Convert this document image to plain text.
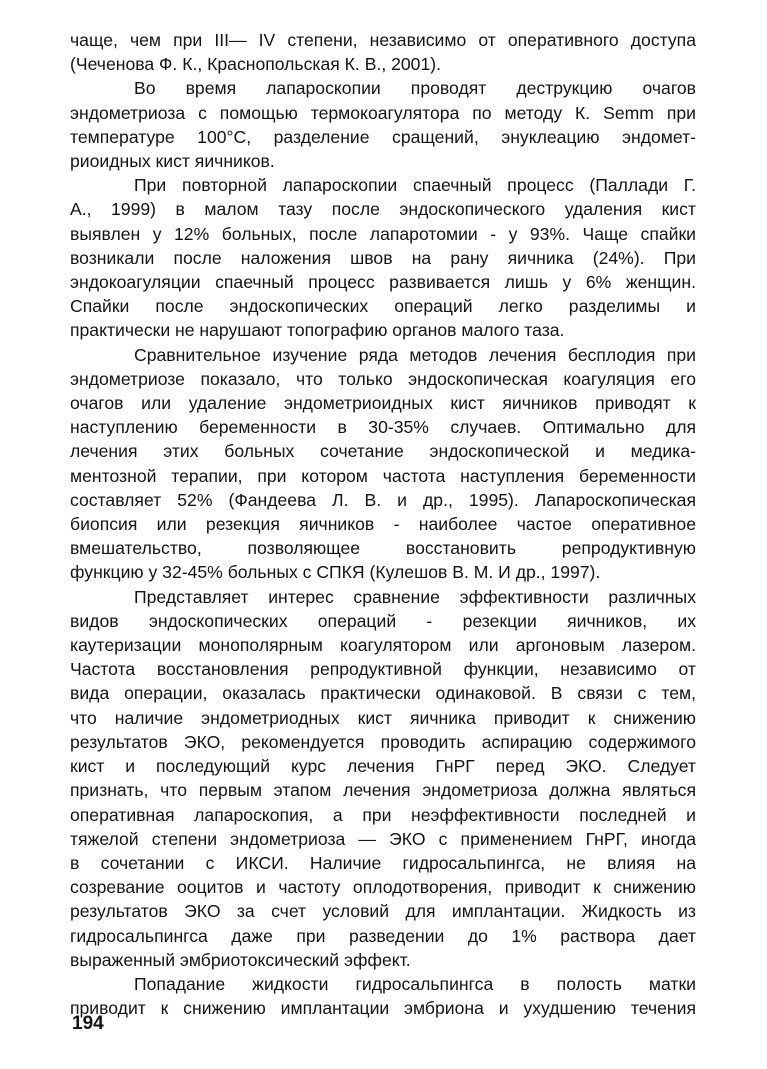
чаще, чем при III— IV степени, независимо от оперативного доступа
(Чеченова Ф. К., Краснопольская К. В., 2001).
Во время лапароскопии проводят деструкцию очагов
эндометриоза с помощью термокоагулятора по методу К. Semm при
температуре 100°С, разделение сращений, энуклеацию эндомет-
риоидных кист яичников.
При повторной лапароскопии спаечный процесс (Паллади Г.
А., 1999) в малом тазу после эндоскопического удаления кист
выявлен у 12% больных, после лапаротомии - у 93%. Чаще спайки
возникали после наложения швов на рану яичника (24%). При
эндокоагуляции спаечный процесс развивается лишь у 6% женщин.
Спайки после эндоскопических операций легко разделимы и
практически не нарушают топографию органов малого таза.
Сравнительное изучение ряда методов лечения бесплодия при
эндометриозе показало, что только эндоскопическая коагуляция его
очагов или удаление эндометриоидных кист яичников приводят к
наступлению беременности в 30-35% случаев. Оптимально для
лечения этих больных сочетание эндоскопической и медика-
ментозной терапии, при котором частота наступления беременности
составляет 52% (Фандеева Л. В. и др., 1995). Лапароскопическая
биопсия или резекция яичников - наиболее частое оперативное
вмешательство, позволяющее восстановить репродуктивную
функцию у 32-45% больных с СПКЯ (Кулешов В. М. И др., 1997).
Представляет интерес сравнение эффективности различных
видов эндоскопических операций - резекции яичников, их
каутеризации монополярным коагулятором или аргоновым лазером.
Частота восстановления репродуктивной функции, независимо от
вида операции, оказалась практически одинаковой. В связи с тем,
что наличие эндометриодных кист яичника приводит к снижению
результатов ЭКО, рекомендуется проводить аспирацию содержимого
кист и последующий курс лечения ГнРГ перед ЭКО. Следует
признать, что первым этапом лечения эндометриоза должна являться
оперативная лапароскопия, а при неэффективности последней и
тяжелой степени эндометриоза — ЭКО с применением ГнРГ, иногда
в сочетании с ИКСИ. Наличие гидросальпингса, не влияя на
созревание ооцитов и частоту оплодотворения, приводит к снижению
результатов ЭКО за счет условий для имплантации. Жидкость из
гидросальпингса даже при разведении до 1% раствора дает
выраженный эмбриотоксический эффект.
Попадание жидкости гидросальпингса в полость матки
приводит к снижению имплантации эмбриона и ухудшению течения
194
